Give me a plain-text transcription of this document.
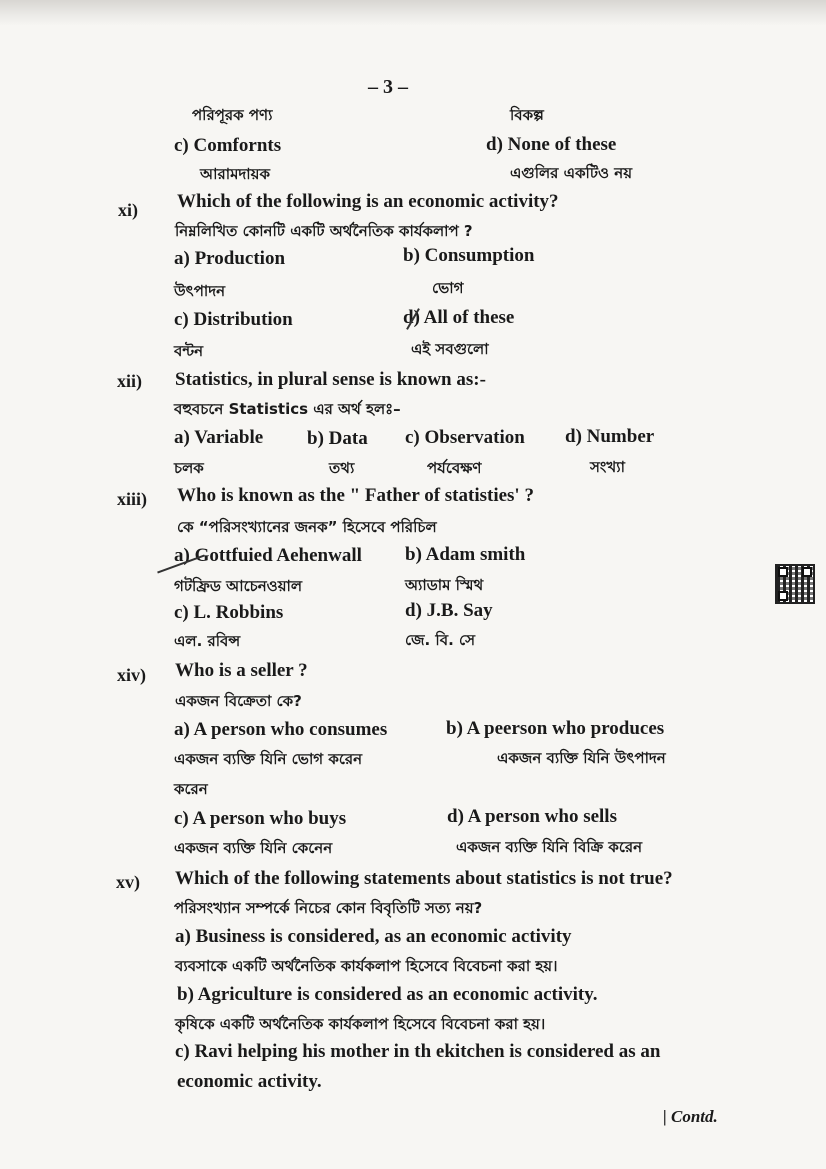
– 3 –
পরিপূরক পণ্য	বিকল্প
c) Comfornts	d) None of these
আরামদায়ক	এগুলির একটিও নয়
xi) Which of the following is an economic activity?
নিম্নলিখিত কোনটি একটি অর্থনৈতিক কার্যকলাপ ?
a) Production	b) Consumption
উৎপাদন	ভোগ
c) Distribution	d) All of these
বন্টন	এই সবগুলো
xii) Statistics, in plural sense is known as:-
বহুবচনে Statistics এর অর্থ হলঃ–
a) Variable b) Data c) Observation d) Number
চলক	তথ্য	পর্যবেক্ষণ	সংখ্যা
xiii) Who is known as the " Father of statisties' ?
কে “পরিসংখ্যানের জনক” হিসেবে পরিচিল
a) Gottfuied Aehenwall b) Adam smith
গটফ্রিড আচেনওয়াল	অ্যাডাম স্মিথ
c) L. Robbins	d) J.B. Say
এল. রবিন্স	জে. বি. সে
xiv) Who is a seller ?
একজন বিক্রেতা কে?
a) A person who consumes	b) A peerson who produces
একজন ব্যক্তি যিনি ভোগ করেন	একজন ব্যক্তি যিনি উৎপাদন
করেন
c) A person who buys	d) A person who sells
একজন ব্যক্তি যিনি কেনেন	একজন ব্যক্তি যিনি বিক্রি করেন
xv) Which of the following statements about statistics is not true?
পরিসংখ্যান সম্পর্কে নিচের কোন বিবৃতিটি সত্য নয়?
a) Business is considered, as an economic activity
ব্যবসাকে একটি অর্থনৈতিক কার্যকলাপ হিসেবে বিবেচনা করা হয়।
b) Agriculture is considered as an economic activity.
কৃষিকে একটি অর্থনৈতিক কার্যকলাপ হিসেবে বিবেচনা করা হয়।
c) Ravi helping his mother in th ekitchen is considered as an
economic activity.
| Contd.
